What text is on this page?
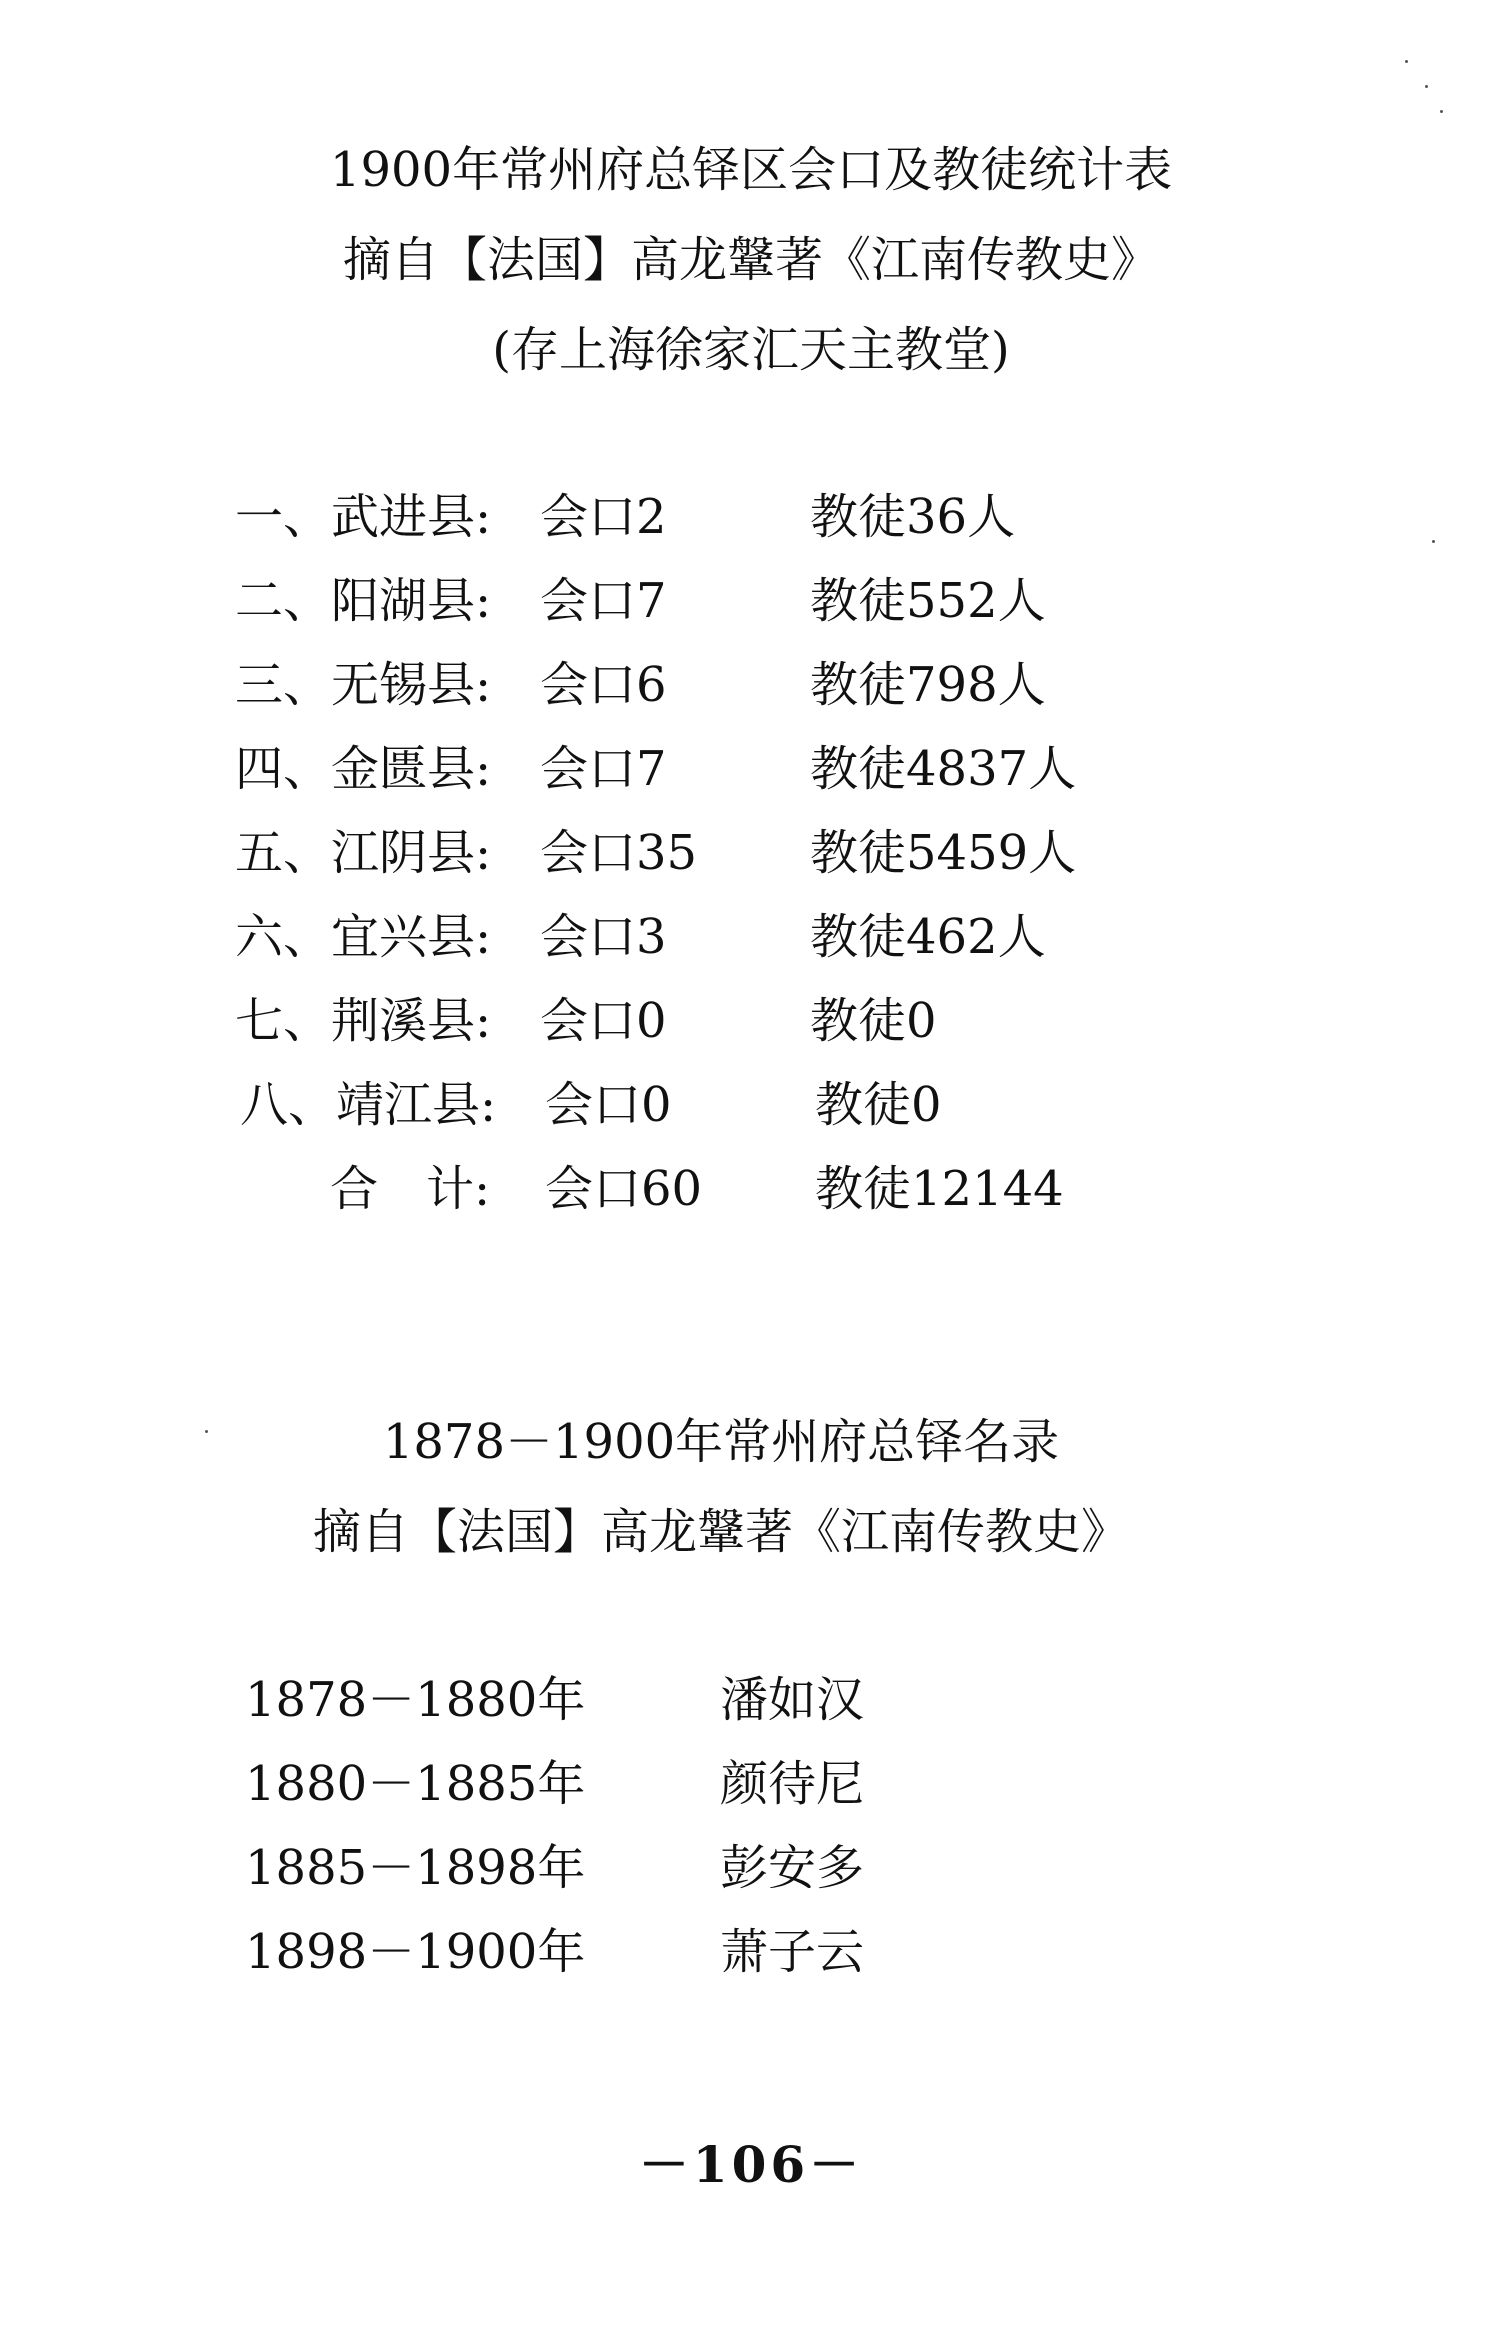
1900年常州府总铎区会口及教徒统计表
摘自【法国】高龙鞶著《江南传教史》
(存上海徐家汇天主教堂)
一、武进县: 会口2	教徒36人
二、阳湖县: 会口7	教徒552人
三、无锡县: 会口6	教徒798人
四、金匮县: 会口7	教徒4837人
五、江阴县: 会口35 教徒5459人
六、宜兴县: 会口3	教徒462人
七、荆溪县: 会口0	教徒0
八、靖江县: 会口0	教徒0
合　计: 会口60 教徒12144
1878－1900年常州府总铎名录
摘自【法国】高龙鞶著《江南传教史》
1878－1880年	潘如汉
1880－1885年	颜待尼
1885－1898年	彭安多
1898－1900年	萧子云
－106－
